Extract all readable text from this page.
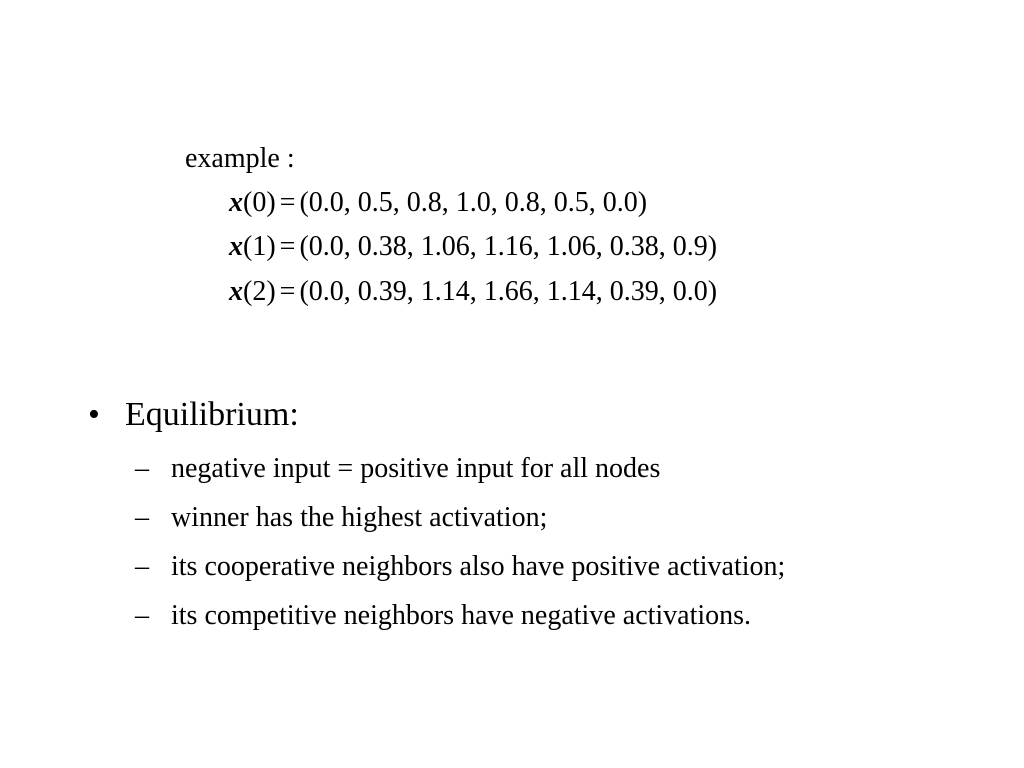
example :
x(0) = (0.0, 0.5, 0.8, 1.0, 0.8, 0.5, 0.0)
x(1) = (0.0, 0.38, 1.06, 1.16, 1.06, 0.38, 0.9)
x(2) = (0.0, 0.39, 1.14, 1.66, 1.14, 0.39, 0.0)
• Equilibrium:
– negative input = positive input for all nodes
– winner has the highest activation;
– its cooperative neighbors also have positive activation;
– its competitive neighbors have negative activations.
